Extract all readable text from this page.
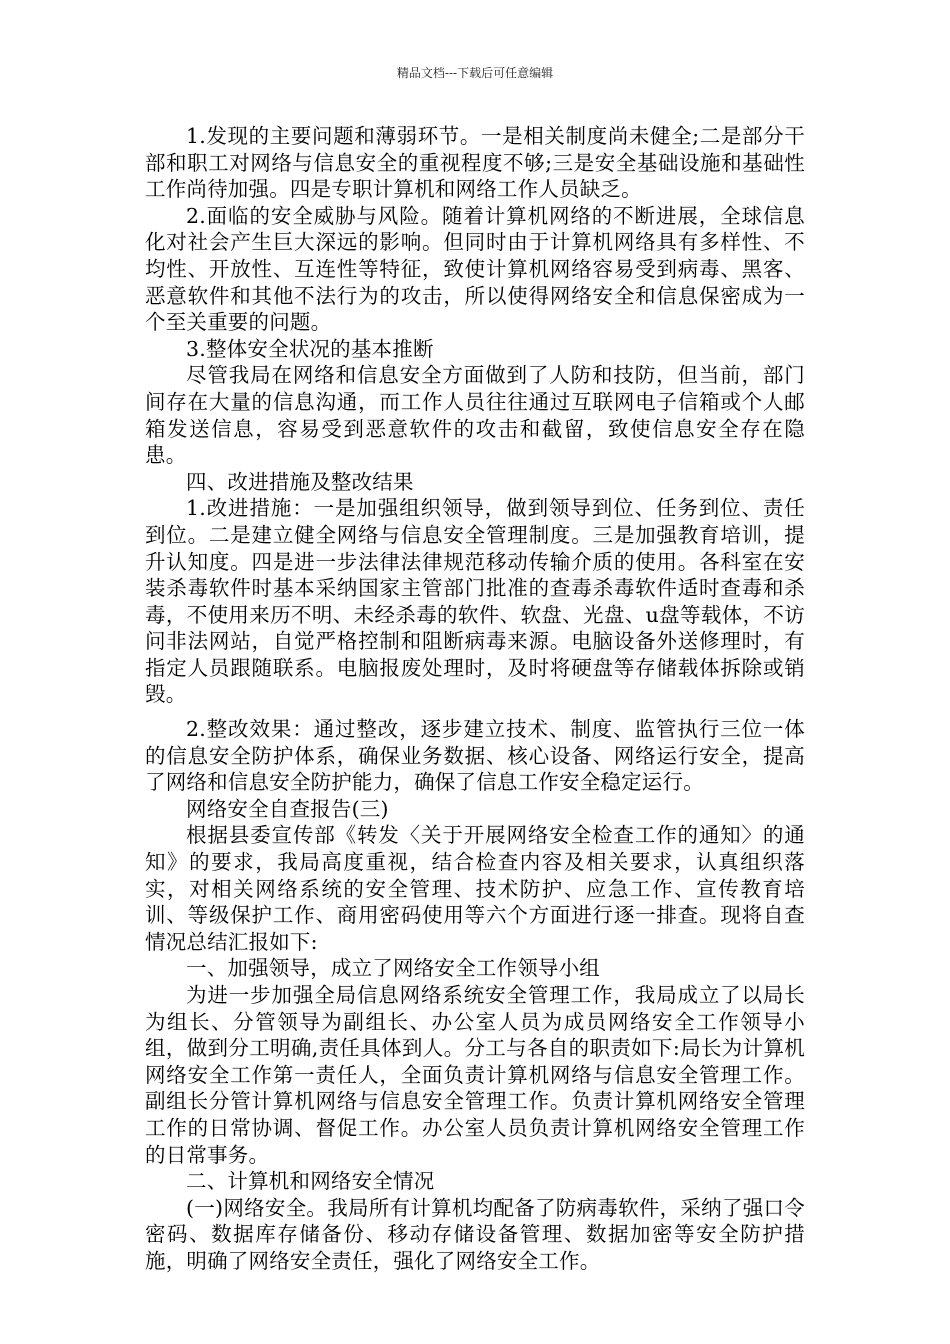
精品文档---下载后可任意编辑

1.发现的主要问题和薄弱环节。一是相关制度尚未健全;二是部分干部和职工对网络与信息安全的重视程度不够;三是安全基础设施和基础性工作尚待加强。四是专职计算机和网络工作人员缺乏。

2.面临的安全威胁与风险。随着计算机网络的不断进展，全球信息化对社会产生巨大深远的影响。但同时由于计算机网络具有多样性、不均性、开放性、互连性等特征，致使计算机网络容易受到病毒、黑客、恶意软件和其他不法行为的攻击，所以使得网络安全和信息保密成为一个至关重要的问题。

3.整体安全状况的基本推断

尽管我局在网络和信息安全方面做到了人防和技防，但当前，部门间存在大量的信息沟通，而工作人员往往通过互联网电子信箱或个人邮箱发送信息，容易受到恶意软件的攻击和截留，致使信息安全存在隐患。

四、改进措施及整改结果

1.改进措施：一是加强组织领导，做到领导到位、任务到位、责任到位。二是建立健全网络与信息安全管理制度。三是加强教育培训，提升认知度。四是进一步法律法律规范移动传输介质的使用。各科室在安装杀毒软件时基本采纳国家主管部门批准的查毒杀毒软件适时查毒和杀毒，不使用来历不明、未经杀毒的软件、软盘、光盘、u盘等载体，不访问非法网站，自觉严格控制和阻断病毒来源。电脑设备外送修理时，有指定人员跟随联系。电脑报废处理时，及时将硬盘等存储载体拆除或销毁。

2.整改效果：通过整改，逐步建立技术、制度、监管执行三位一体的信息安全防护体系，确保业务数据、核心设备、网络运行安全，提高了网络和信息安全防护能力，确保了信息工作安全稳定运行。

网络安全自查报告(三)

根据县委宣传部《转发〈关于开展网络安全检查工作的通知〉的通知》的要求，我局高度重视，结合检查内容及相关要求，认真组织落实，对相关网络系统的安全管理、技术防护、应急工作、宣传教育培训、等级保护工作、商用密码使用等六个方面进行逐一排查。现将自查情况总结汇报如下:

一、加强领导，成立了网络安全工作领导小组

为进一步加强全局信息网络系统安全管理工作，我局成立了以局长为组长、分管领导为副组长、办公室人员为成员网络安全工作领导小组，做到分工明确,责任具体到人。分工与各自的职责如下:局长为计算机网络安全工作第一责任人，全面负责计算机网络与信息安全管理工作。副组长分管计算机网络与信息安全管理工作。负责计算机网络安全管理工作的日常协调、督促工作。办公室人员负责计算机网络安全管理工作的日常事务。

二、计算机和网络安全情况

(一)网络安全。我局所有计算机均配备了防病毒软件，采纳了强口令密码、数据库存储备份、移动存储设备管理、数据加密等安全防护措施，明确了网络安全责任，强化了网络安全工作。
